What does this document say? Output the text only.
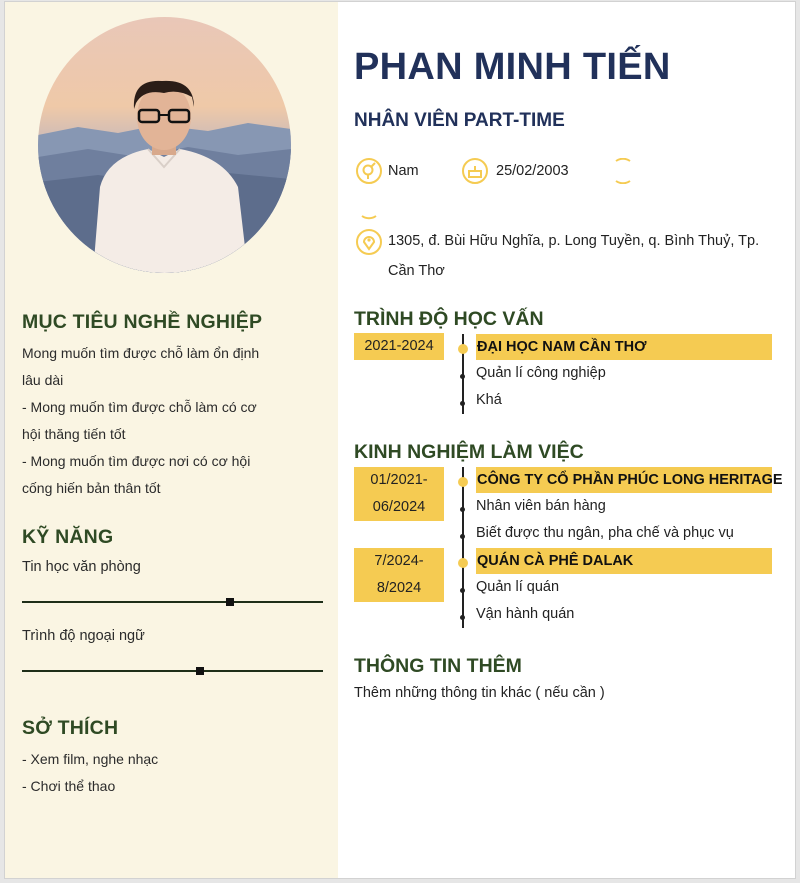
MỤC TIÊU NGHỀ NGHIỆP
Mong muốn tìm được chỗ làm ổn định
lâu dài
- Mong muốn tìm được chỗ làm có cơ
hội thăng tiến tốt
- Mong muốn tìm được nơi có cơ hội
cống hiến bản thân tốt
KỸ NĂNG
Tin học văn phòng
Trình độ ngoại ngữ
SỞ THÍCH
- Xem film, nghe nhạc
- Chơi thể thao
PHAN MINH TIẾN
NHÂN VIÊN PART-TIME
Nam	25/02/2003
1305, đ. Bùi Hữu Nghĩa, p. Long Tuyền, q. Bình Thuỷ, Tp.
Cần Thơ
TRÌNH ĐỘ HỌC VẤN
2021-2024	ĐẠI HỌC NAM CẦN THƠ
Quản lí công nghiệp
Khá
KINH NGHIỆM LÀM VIỆC
01/2021-
06/2024
CÔNG TY CỔ PHẦN PHÚC LONG HERITAGE
Nhân viên bán hàng
Biết được thu ngân, pha chế và phục vụ
7/2024-
8/2024
QUÁN CÀ PHÊ DALAK
Quản lí quán
Vận hành quán
THÔNG TIN THÊM
Thêm những thông tin khác ( nếu cần )
